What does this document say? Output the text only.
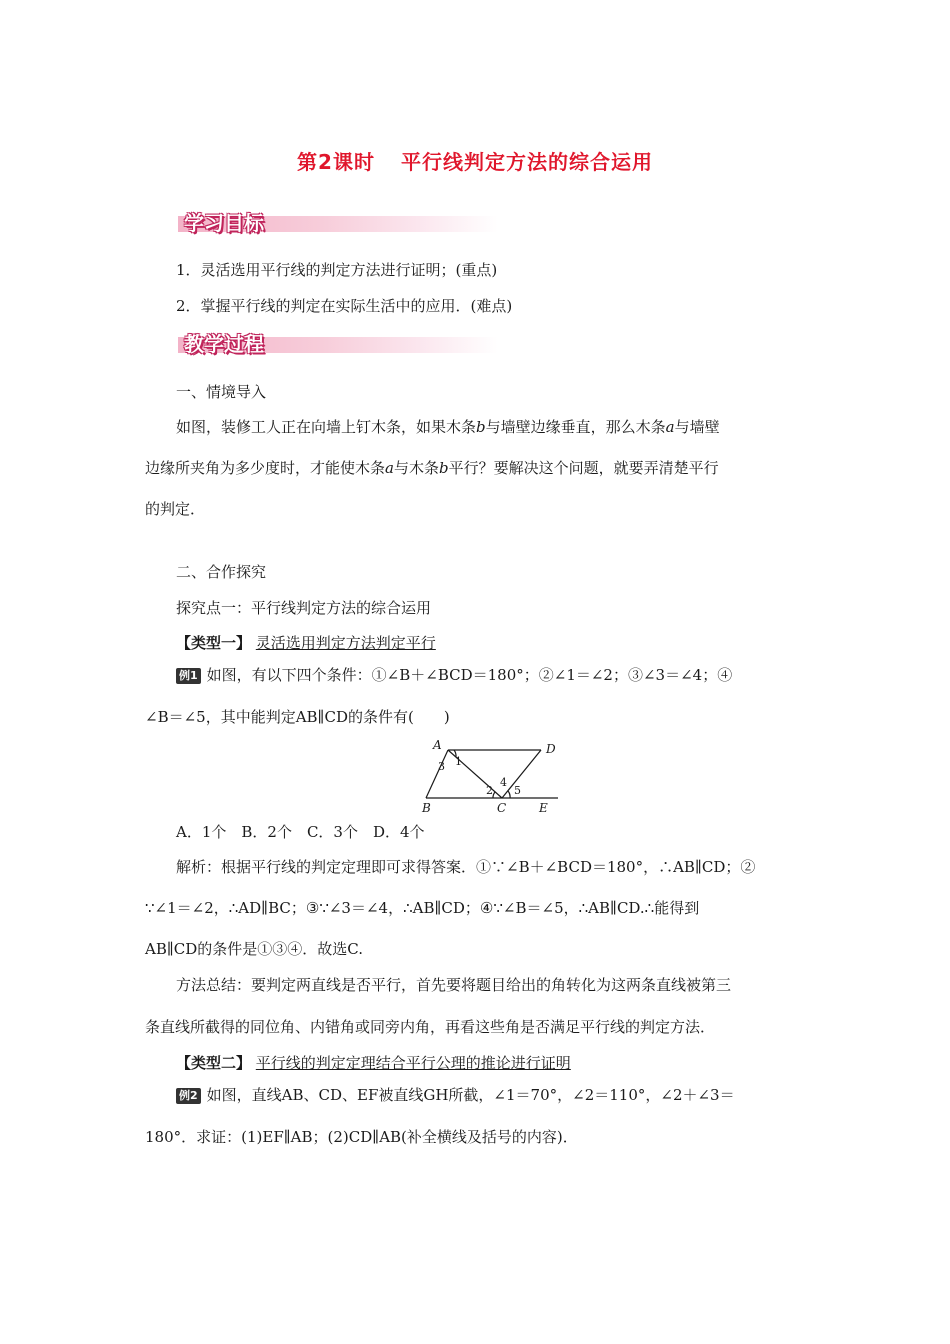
第2课时 平行线判定方法的综合运用
学习目标
1．灵活选用平行线的判定方法进行证明；(重点)
2．掌握平行线的判定在实际生活中的应用．(难点)
教学过程
一、情境导入
如图，装修工人正在向墙上钉木条，如果木条b与墙壁边缘垂直，那么木条a与墙壁
边缘所夹角为多少度时，才能使木条a与木条b平行？要解决这个问题，就要弄清楚平行
的判定．
二、合作探究
探究点一：平行线判定方法的综合运用
【类型一】 灵活选用判定方法判定平行
例1 如图，有以下四个条件：①∠B＋∠BCD＝180°；②∠1＝∠2；③∠3＝∠4；④
∠B＝∠5，其中能判定AB∥CD的条件有(　　)
A	D
B	C	E
1
2
3
4
5
A．1个　B．2个　C．3个　D．4个
解析：根据平行线的判定定理即可求得答案．①∵∠B＋∠BCD＝180°，∴AB∥CD；②
∵∠1＝∠2，∴AD∥BC；③∵∠3＝∠4，∴AB∥CD；④∵∠B＝∠5，∴AB∥CD.∴能得到
AB∥CD的条件是①③④．故选C.
方法总结：要判定两直线是否平行，首先要将题目给出的角转化为这两条直线被第三
条直线所截得的同位角、内错角或同旁内角，再看这些角是否满足平行线的判定方法．
【类型二】 平行线的判定定理结合平行公理的推论进行证明
例2 如图，直线AB、CD、EF被直线GH所截，∠1＝70°，∠2＝110°，∠2＋∠3＝
180°．求证：(1)EF∥AB；(2)CD∥AB(补全横线及括号的内容)．
